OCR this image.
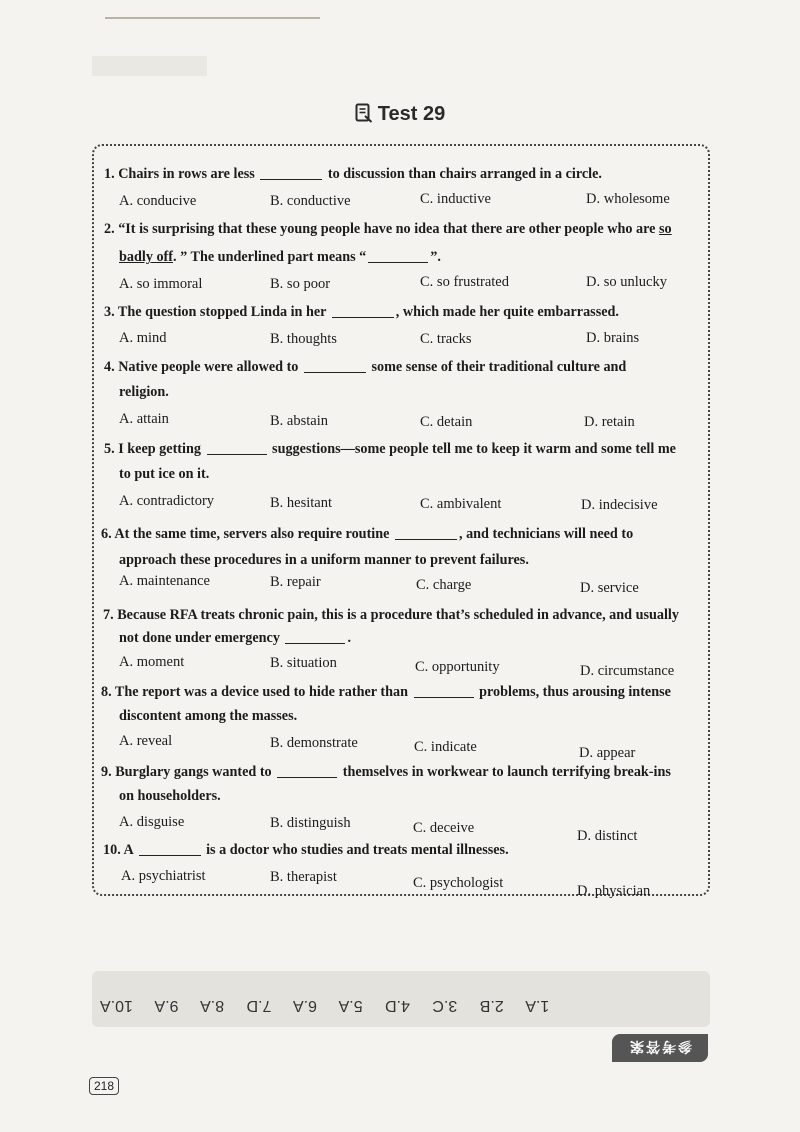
Test 29
1. Chairs in rows are less	to discussion than chairs arranged in a circle.
A. conducive	B. conductive	C. inductive	D. wholesome
2. “It is surprising that these young people have no idea that there are other people who are so
badly off. ” The underlined part means “	”.
A. so immoral	B. so poor	C. so frustrated	D. so unlucky
3. The question stopped Linda in her	, which made her quite embarrassed.
A. mind	B. thoughts	C. tracks	D. brains
4. Native people were allowed to	some sense of their traditional culture and
religion.
A. attain	B. abstain	C. detain	D. retain
5. I keep getting	suggestions—some people tell me to keep it warm and some tell me
to put ice on it.
A. contradictory	B. hesitant	C. ambivalent	D. indecisive
6. At the same time, servers also require routine	, and technicians will need to
approach these procedures in a uniform manner to prevent failures.
A. maintenance	B. repair	C. charge	D. service
7. Because RFA treats chronic pain, this is a procedure that’s scheduled in advance, and usually
not done under emergency	.
A. moment	B. situation	C. opportunity	D. circumstance
8. The report was a device used to hide rather than	problems, thus arousing intense
discontent among the masses.
A. reveal	B. demonstrate	C. indicate	D. appear
9. Burglary gangs wanted to	themselves in workwear to launch terrifying break-ins
on householders.
A. disguise	B. distinguish	C. deceive	D. distinct
10. A	is a doctor who studies and treats mental illnesses.
A. psychiatrist	B. therapist	C. psychologist	D. physician
1.A 2.B 3.C 4.D 5.A 6.A 7.D 8.A 9.A 10.A
参考答案
218
